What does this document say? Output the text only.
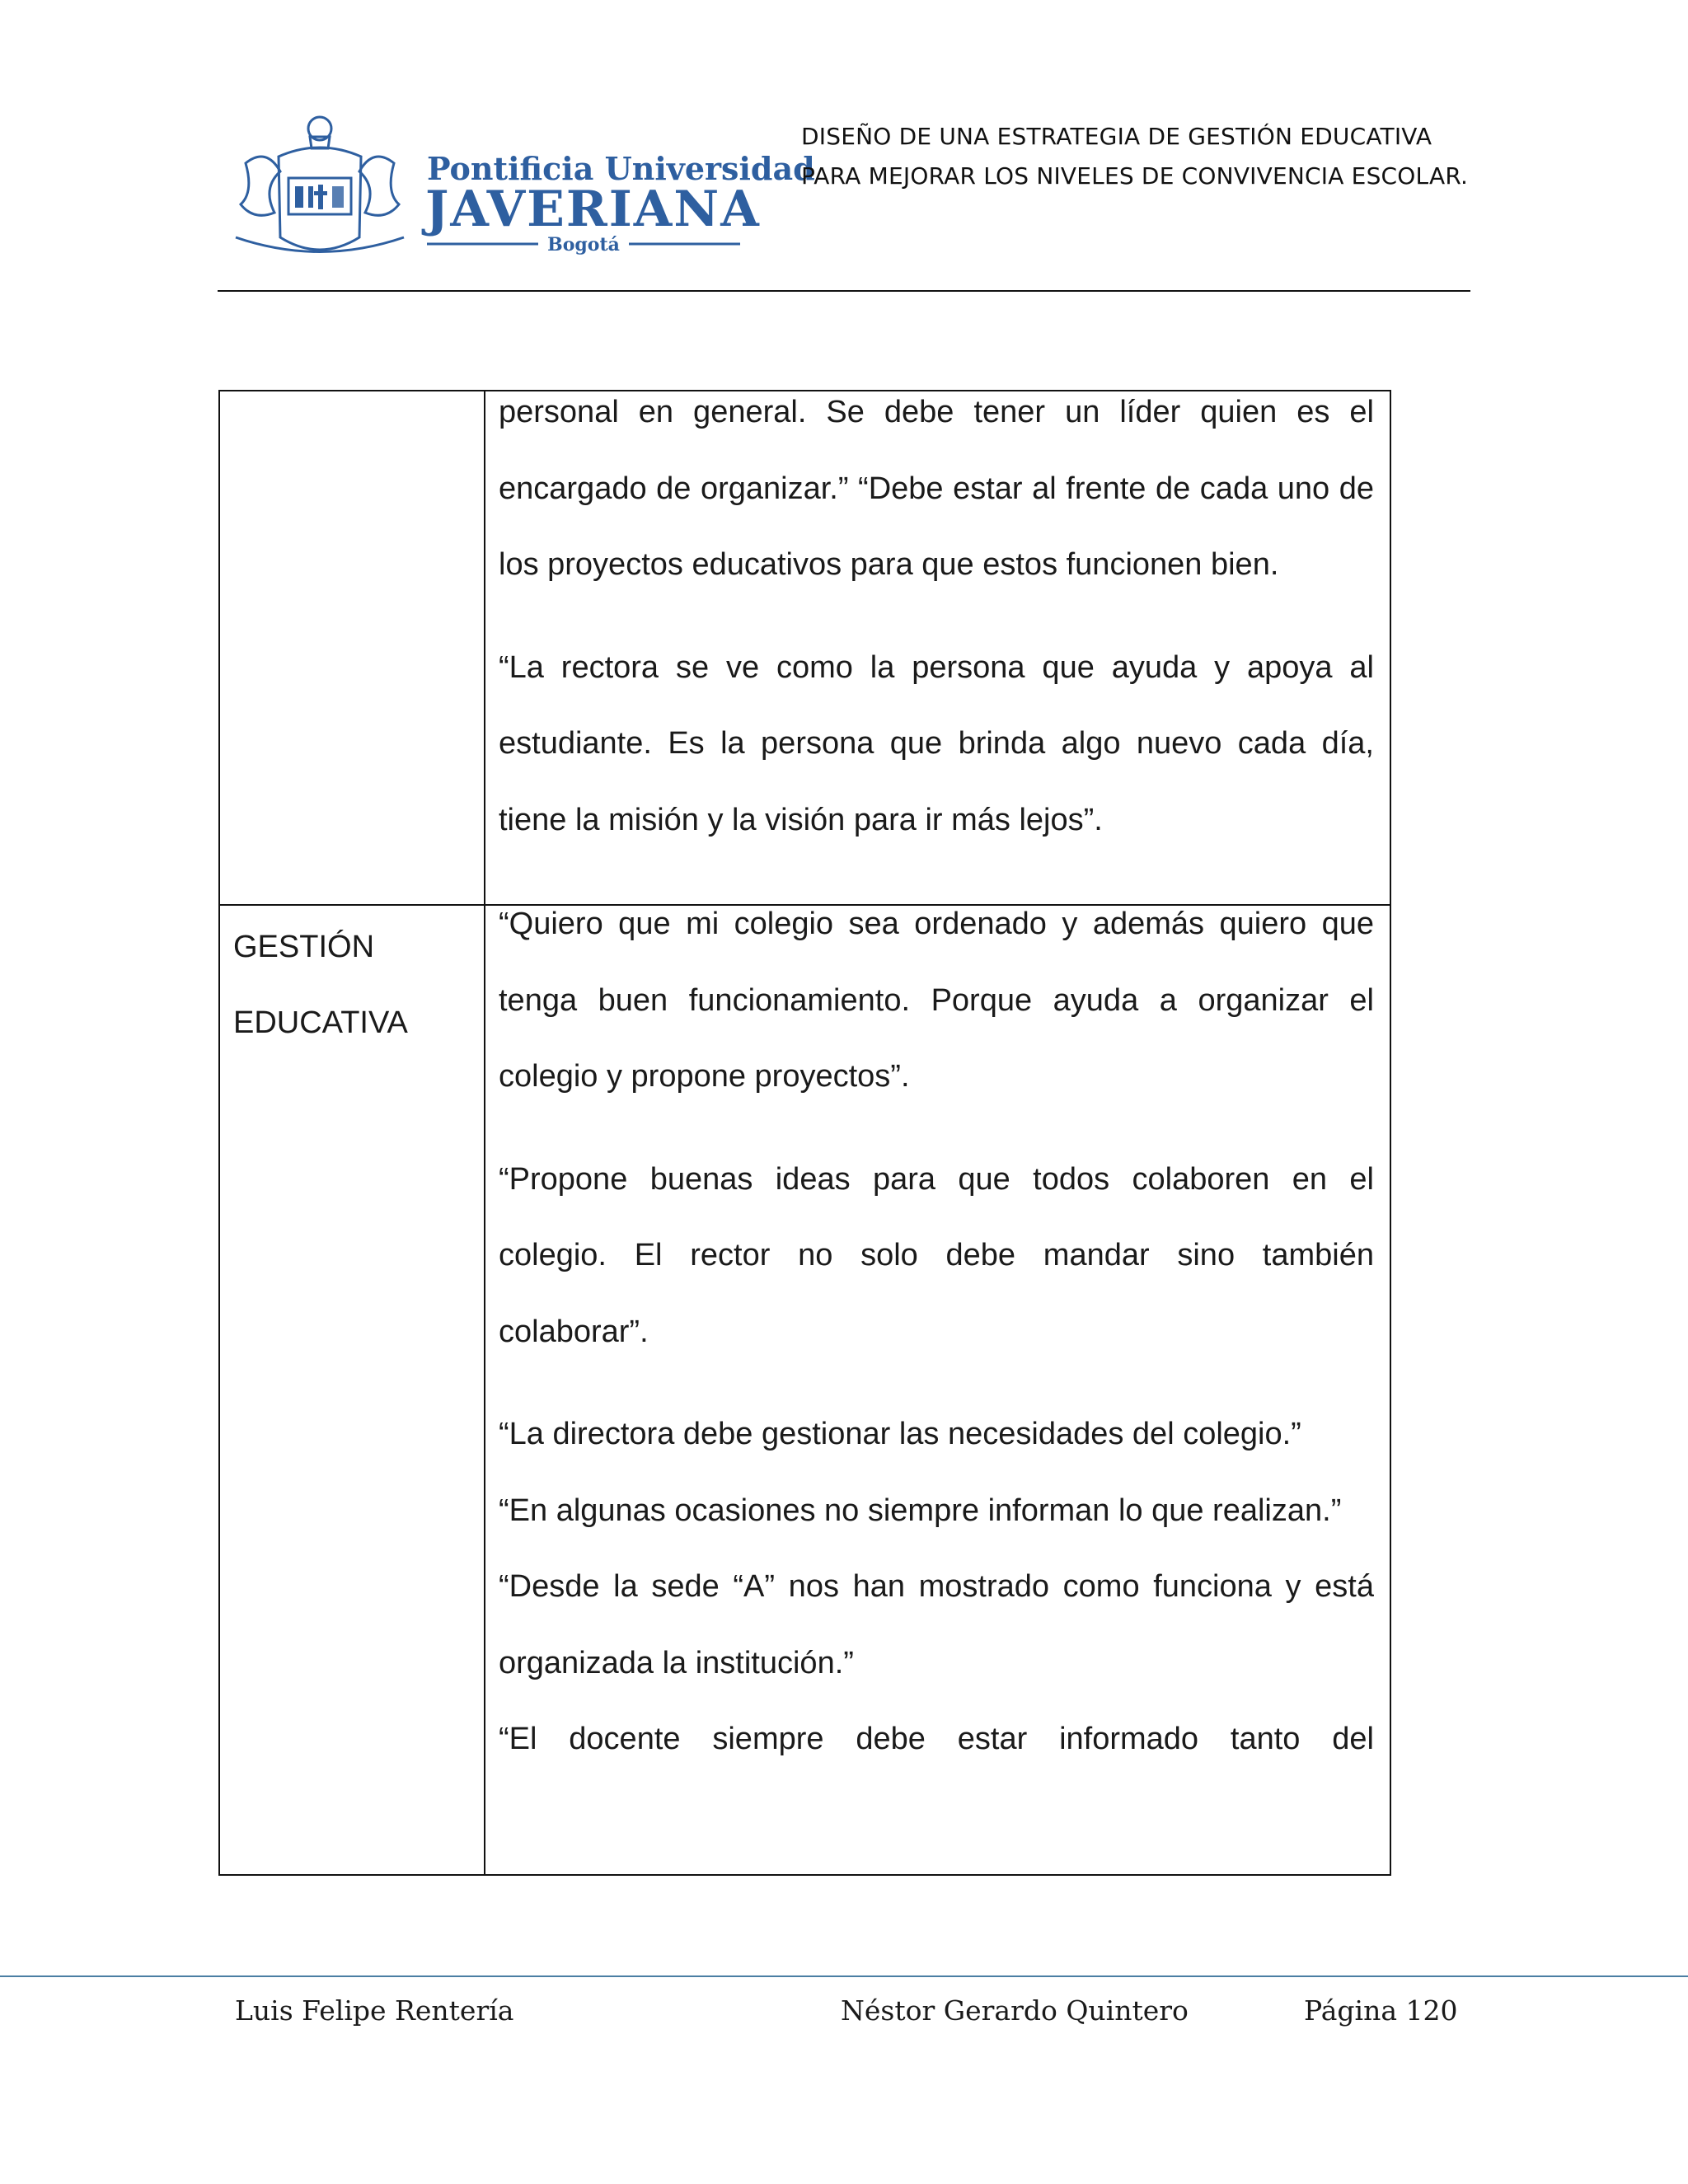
Pontificia Universidad
JAVERIANA
Bogotá
DISEÑO DE UNA ESTRATEGIA DE GESTIÓN EDUCATIVA
PARA MEJORAR LOS NIVELES DE CONVIVENCIA ESCOLAR.
GESTIÓN
EDUCATIVA

personal en general. Se debe tener un líder quien es el encargado de organizar.” “Debe estar al frente de cada uno de los proyectos educativos para que estos funcionen bien.

“La rectora se ve como la persona que ayuda y apoya al estudiante. Es la persona que brinda algo nuevo cada día, tiene la misión y la visión para ir más lejos”.

“Quiero que mi colegio sea ordenado y además quiero que tenga buen funcionamiento. Porque ayuda a organizar el colegio y propone proyectos”.

“Propone buenas ideas para que todos colaboren en el colegio. El rector no solo debe mandar sino también colaborar”.

“La directora debe gestionar las necesidades del colegio.”

“En algunas ocasiones no siempre informan lo que realizan.”

“Desde la sede “A” nos han mostrado como funciona y está organizada la institución.”

“El docente siempre debe estar informado tanto del

Luis Felipe Rentería	Néstor Gerardo Quintero	Página 120
